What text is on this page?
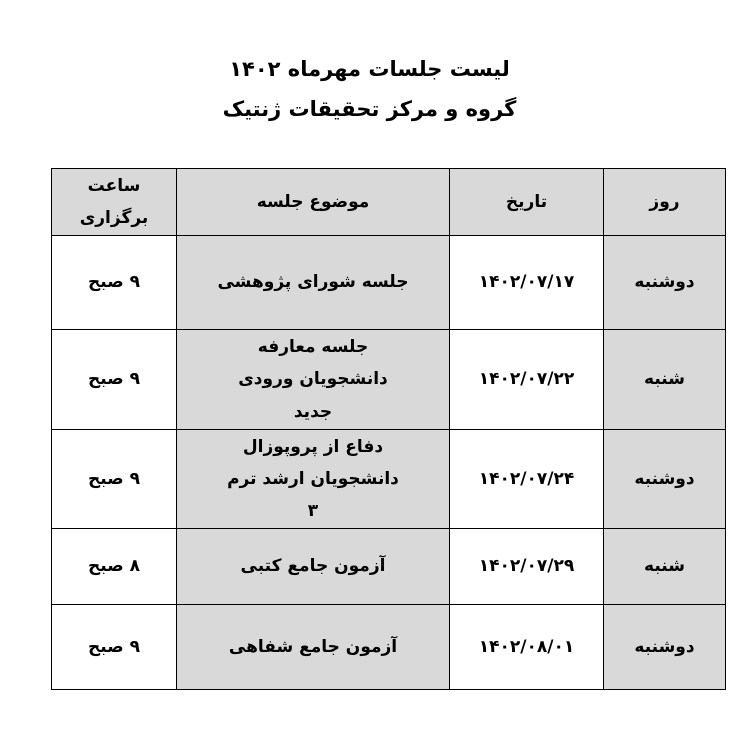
لیست جلسات مهرماه ۱۴۰۲
گروه و مرکز تحقیقات ژنتیک
ساعت برگزاری	موضوع جلسه	تاریخ	روز
۹ صبح	جلسه شورای پژوهشی	۱۴۰۲/۰۷/۱۷	دوشنبه
۹ صبح	جلسه معارفه دانشجویان ورودی جدید	۱۴۰۲/۰۷/۲۲	شنبه
۹ صبح	دفاع از پروپوزال دانشجویان ارشد ترم ۳	۱۴۰۲/۰۷/۲۴	دوشنبه
۸ صبح	آزمون جامع کتبی	۱۴۰۲/۰۷/۲۹	شنبه
۹ صبح	آزمون جامع شفاهی	۱۴۰۲/۰۸/۰۱	دوشنبه
